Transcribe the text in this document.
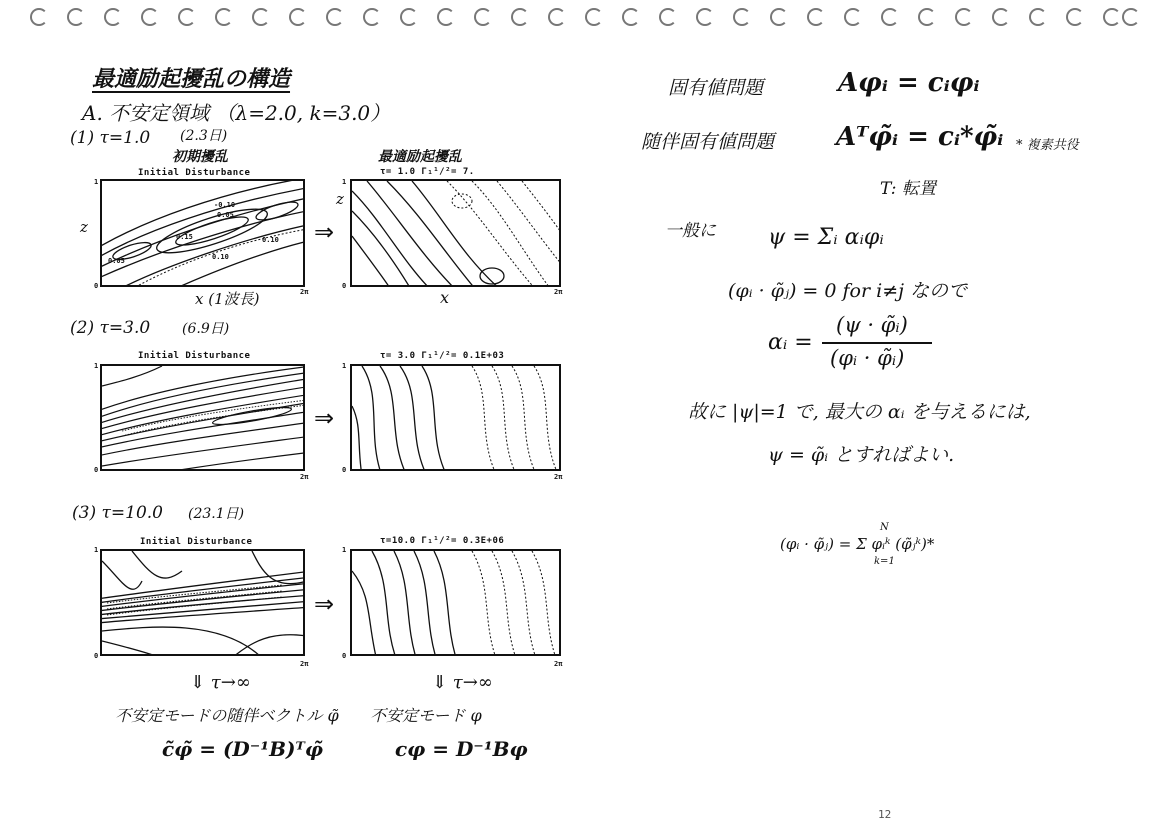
最適励起擾乱の構造
A. 不安定領域 （λ=2.0, k=3.0）
(1) τ=1.0 (2.3日)
初期擾乱	最適励起擾乱
Initial Disturbance	τ= 1.0 Γ₁¹/²= 7.
z
z
1
0
1
0
2π	2π
-0.10
0.05
0.10
0.15
0.10
0.05
⇒
x (1波長)	x
(2) τ=3.0 (6.9日)
Initial Disturbance	τ= 3.0 Γ₁¹/²= 0.1E+03
1
0
1
0
2π	2π
⇒
(3) τ=10.0 (23.1日)
Initial Disturbance	τ=10.0 Γ₁¹/²= 0.3E+06
1
0
1
0
2π	2π
⇒
⇓ τ→∞	⇓ τ→∞
不安定モードの随伴ベクトル φ̃ 不安定モード φ
c̃φ̃ = (D⁻¹B)ᵀφ̃	cφ = D⁻¹Bφ
固有値問題	Aφᵢ = cᵢφᵢ
随伴固有値問題 Aᵀφ̃ᵢ = cᵢ*φ̃ᵢ * 複素共役
T: 転置
一般に ψ = Σᵢ αᵢφᵢ
(φᵢ · φ̃ⱼ) = 0 for i≠j なので
αᵢ =
(ψ · φ̃ᵢ)
(φᵢ · φ̃ᵢ)
故に |ψ|=1 で, 最大の αᵢ を与えるには,
ψ = φ̃ᵢ とすればよい.
(φᵢ · φ̃ⱼ) = Σ φᵢᵏ (φ̃ⱼᵏ)*
N
k=1
12
